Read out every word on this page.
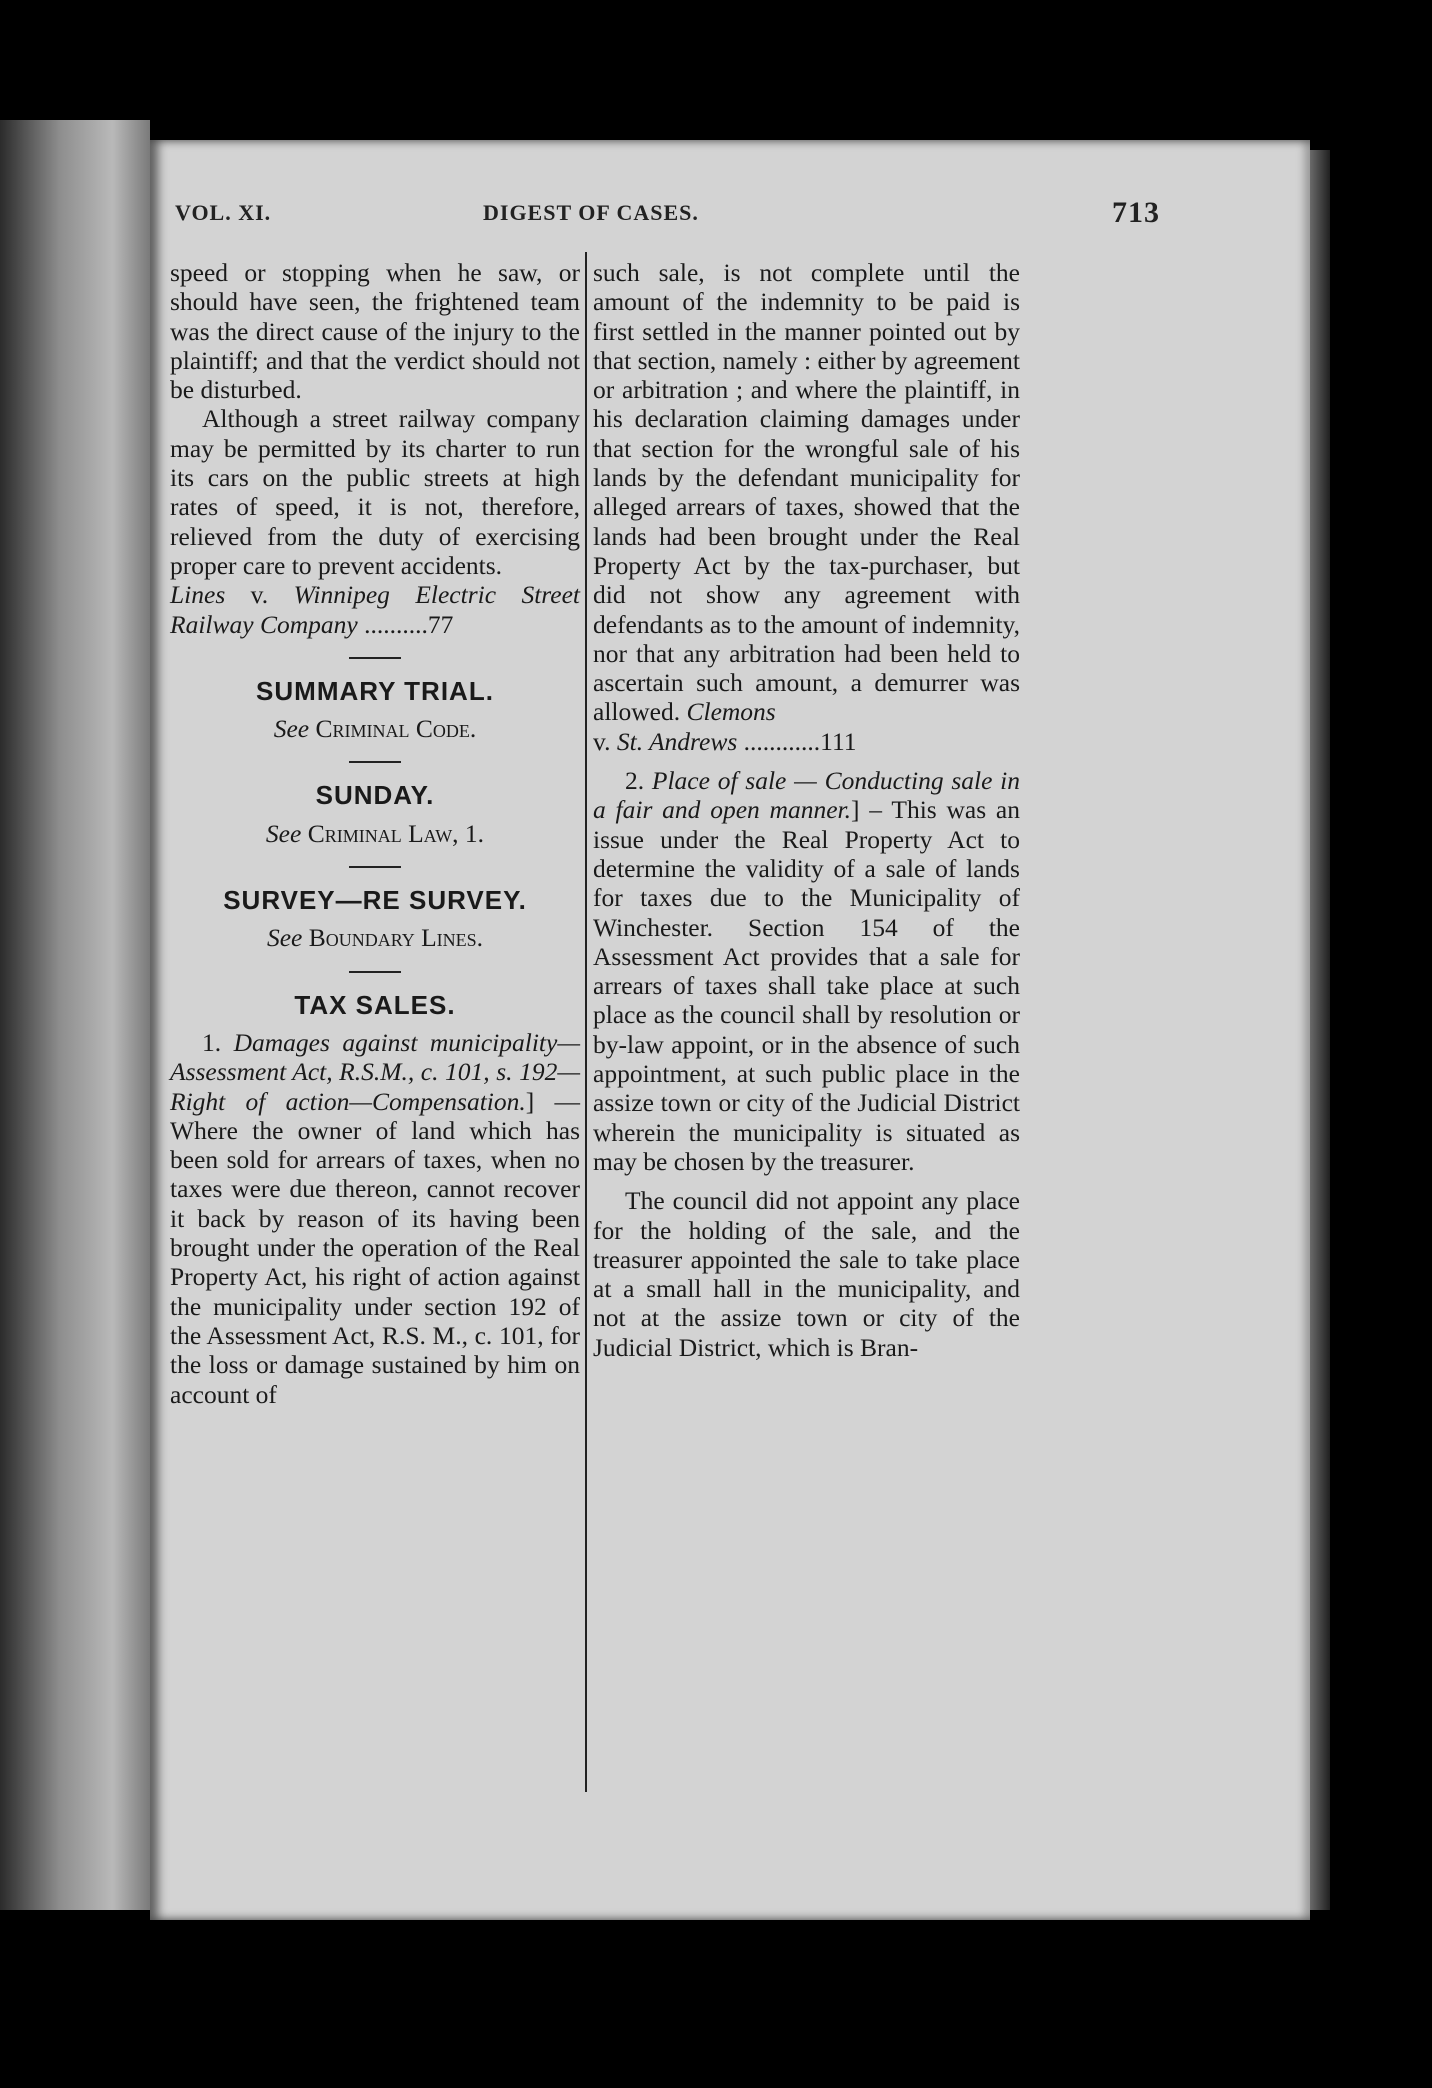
VOL. XI.	DIGEST OF CASES.	713

speed or stopping when he saw, or should have seen, the frightened team was the direct cause of the injury to the plaintiff; and that the verdict should not be disturbed.

Although a street railway company may be permitted by its charter to run its cars on the public streets at high rates of speed, it is not, therefore, relieved from the duty of exercising proper care to prevent accidents.

Lines v. Winnipeg Electric Street Railway Company ..........77

SUMMARY TRIAL.
See Criminal Code.
SUNDAY.
See Criminal Law, 1.
SURVEY—RE SURVEY.
See Boundary Lines.
TAX SALES.

1. Damages against municipality—Assessment Act, R.S.M., c. 101, s. 192—Right of action—Compensation.] — Where the owner of land which has been sold for arrears of taxes, when no taxes were due thereon, cannot recover it back by reason of its having been brought under the operation of the Real Property Act, his right of action against the municipality under section 192 of the Assessment Act, R.S. M., c. 101, for the loss or damage sustained by him on account of

such sale, is not complete until the amount of the indemnity to be paid is first settled in the manner pointed out by that section, namely : either by agreement or arbitration ; and where the plaintiff, in his declaration claiming damages under that section for the wrongful sale of his lands by the defendant municipality for alleged arrears of taxes, showed that the lands had been brought under the Real Property Act by the tax-purchaser, but did not show any agreement with defendants as to the amount of indemnity, nor that any arbitration had been held to ascertain such amount, a demurrer was allowed. Clemons

v. St. Andrews ............111

2. Place of sale — Conducting sale in a fair and open manner.] – This was an issue under the Real Property Act to determine the validity of a sale of lands for taxes due to the Municipality of Winchester. Section 154 of the Assessment Act provides that a sale for arrears of taxes shall take place at such place as the council shall by resolution or by-law appoint, or in the absence of such appointment, at such public place in the assize town or city of the Judicial District wherein the municipality is situated as may be chosen by the treasurer.

The council did not appoint any place for the holding of the sale, and the treasurer appointed the sale to take place at a small hall in the municipality, and not at the assize town or city of the Judicial District, which is Bran-
